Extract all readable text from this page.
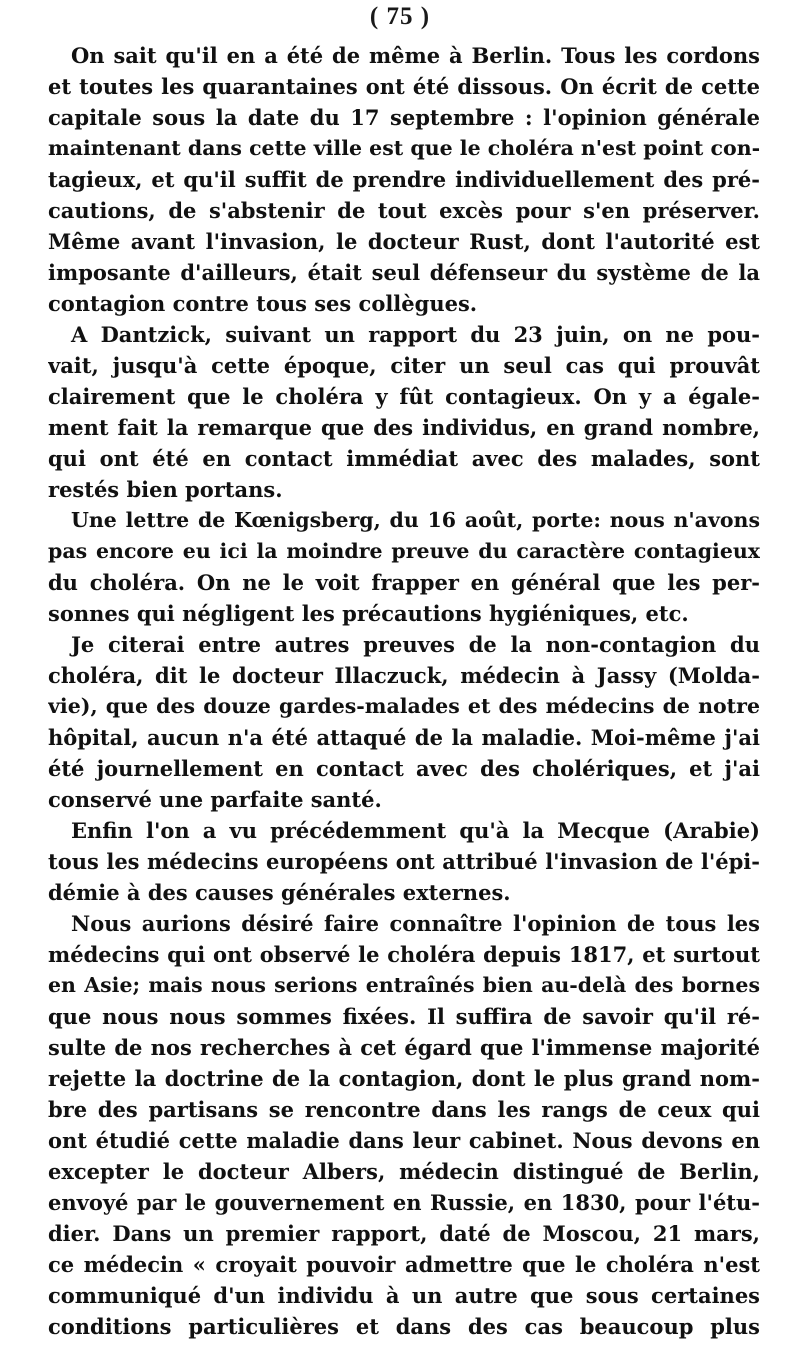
( 75 )
On sait qu'il en a été de même à Berlin. Tous les cordons
et toutes les quarantaines ont été dissous. On écrit de cette
capitale sous la date du 17 septembre : l'opinion générale
maintenant dans cette ville est que le choléra n'est point con-
tagieux, et qu'il suffit de prendre individuellement des pré-
cautions, de s'abstenir de tout excès pour s'en préserver.
Même avant l'invasion, le docteur Rust, dont l'autorité est
imposante d'ailleurs, était seul défenseur du système de la
contagion contre tous ses collègues.
A Dantzick, suivant un rapport du 23 juin, on ne pou-
vait, jusqu'à cette époque, citer un seul cas qui prouvât
clairement que le choléra y fût contagieux. On y a égale-
ment fait la remarque que des individus, en grand nombre,
qui ont été en contact immédiat avec des malades, sont
restés bien portans.
Une lettre de Kœnigsberg, du 16 août, porte: nous n'avons
pas encore eu ici la moindre preuve du caractère contagieux
du choléra. On ne le voit frapper en général que les per-
sonnes qui négligent les précautions hygiéniques, etc.
Je citerai entre autres preuves de la non-contagion du
choléra, dit le docteur Illaczuck, médecin à Jassy (Molda-
vie), que des douze gardes-malades et des médecins de notre
hôpital, aucun n'a été attaqué de la maladie. Moi-même j'ai
été journellement en contact avec des cholériques, et j'ai
conservé une parfaite santé.
Enfin l'on a vu précédemment qu'à la Mecque (Arabie)
tous les médecins européens ont attribué l'invasion de l'épi-
démie à des causes générales externes.
Nous aurions désiré faire connaître l'opinion de tous les
médecins qui ont observé le choléra depuis 1817, et surtout
en Asie; mais nous serions entraînés bien au-delà des bornes
que nous nous sommes fixées. Il suffira de savoir qu'il ré-
sulte de nos recherches à cet égard que l'immense majorité
rejette la doctrine de la contagion, dont le plus grand nom-
bre des partisans se rencontre dans les rangs de ceux qui
ont étudié cette maladie dans leur cabinet. Nous devons en
excepter le docteur Albers, médecin distingué de Berlin,
envoyé par le gouvernement en Russie, en 1830, pour l'étu-
dier. Dans un premier rapport, daté de Moscou, 21 mars,
ce médecin « croyait pouvoir admettre que le choléra n'est
communiqué d'un individu à un autre que sous certaines
conditions particulières et dans des cas beaucoup plus
